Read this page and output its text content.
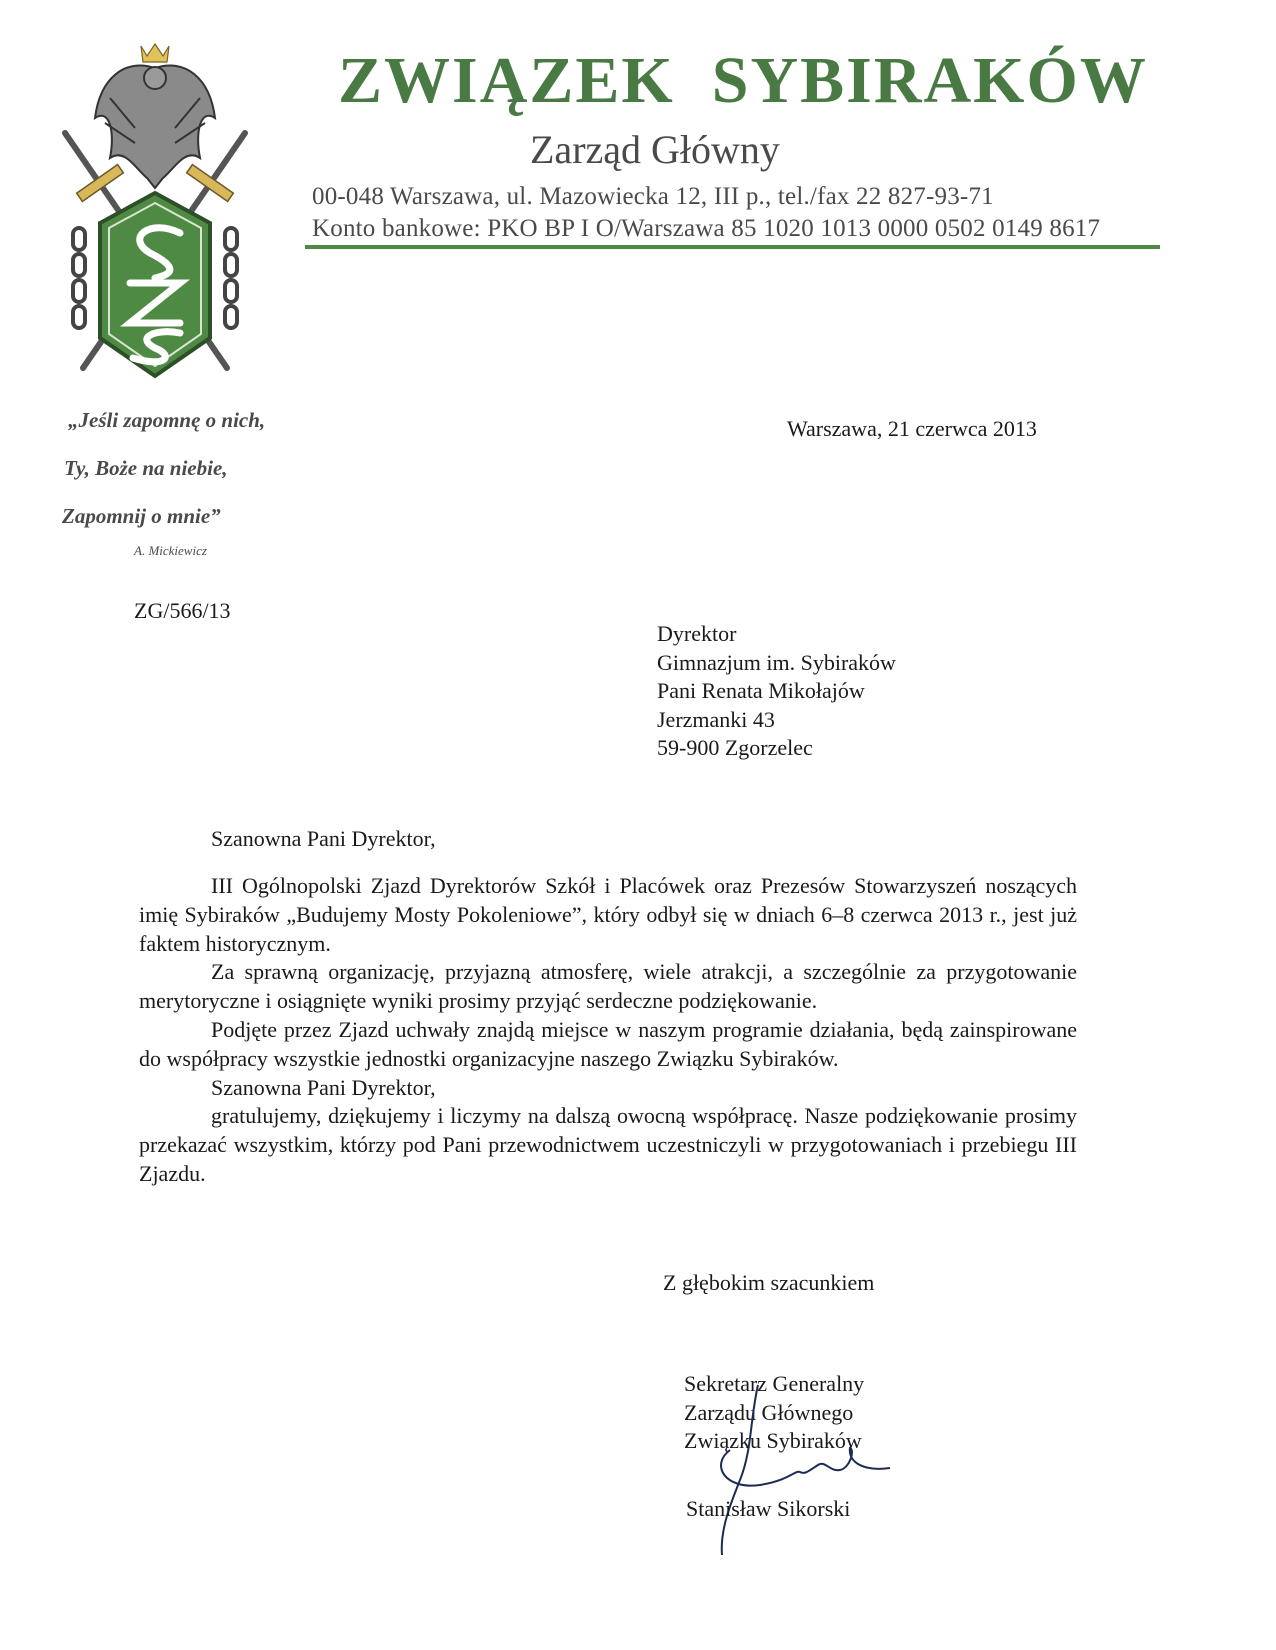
ZWIĄZEK  SYBIRAKÓW
Zarząd Główny
00-048 Warszawa, ul. Mazowiecka 12, III p., tel./fax 22 827-93-71
Konto bankowe: PKO BP I O/Warszawa 85 1020 1013 0000 0502 0149 8617
„Jeśli zapomnę o nich,
Ty, Boże na niebie,
Zapomnij o mnie”
A. Mickiewicz
Warszawa, 21 czerwca 2013
ZG/566/13
Dyrektor
Gimnazjum im. Sybiraków
Pani Renata Mikołajów
Jerzmanki 43
59-900 Zgorzelec
Szanowna Pani Dyrektor,

III Ogólnopolski Zjazd Dyrektorów Szkół i Placówek oraz Prezesów Stowarzyszeń noszących imię Sybiraków „Budujemy Mosty Pokoleniowe”, który odbył się w dniach 6–8 czerwca 2013 r., jest już faktem historycznym.

Za sprawną organizację, przyjazną atmosferę, wiele atrakcji, a szczególnie za przygotowanie merytoryczne i osiągnięte wyniki prosimy przyjąć serdeczne podziękowanie.

Podjęte przez Zjazd uchwały znajdą miejsce w naszym programie działania, będą zainspirowane do współpracy wszystkie jednostki organizacyjne naszego Związku Sybiraków.

Szanowna Pani Dyrektor,

gratulujemy, dziękujemy i liczymy na dalszą owocną współpracę. Nasze podziękowanie prosimy przekazać wszystkim, którzy pod Pani przewodnictwem uczestniczyli w przygotowaniach i przebiegu III Zjazdu.

Z głębokim szacunkiem
Sekretarz Generalny
Zarządu Głównego
Związku Sybiraków
Stanisław Sikorski
